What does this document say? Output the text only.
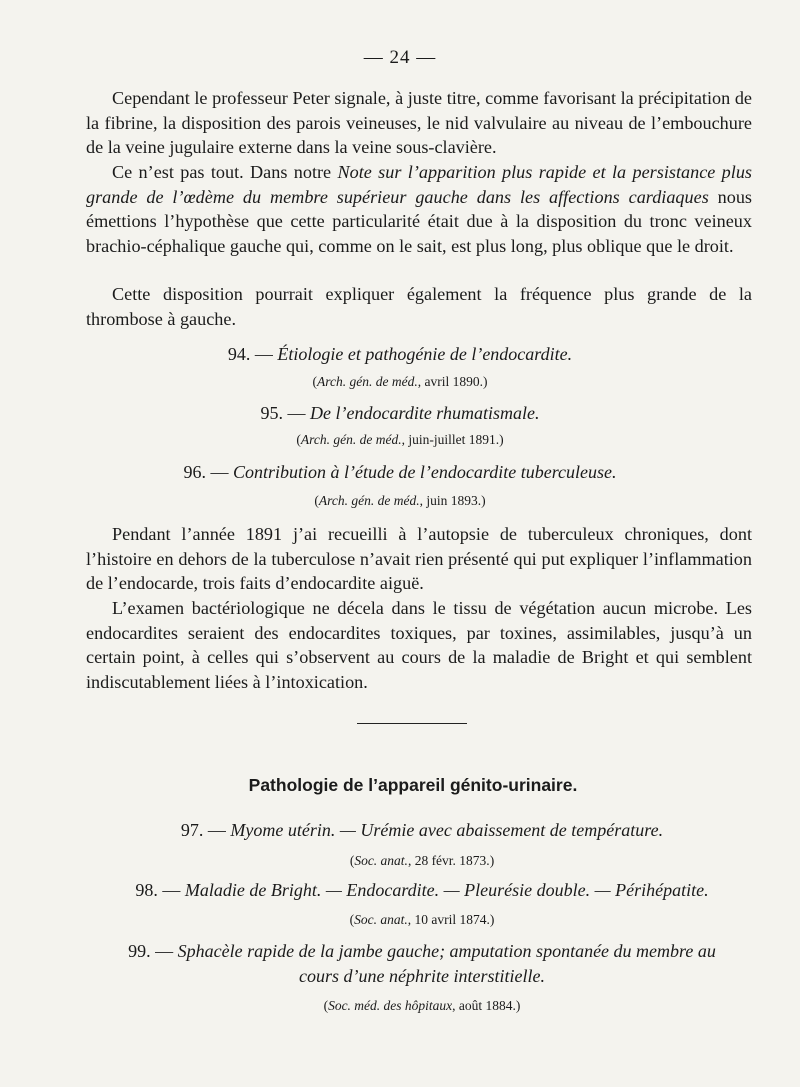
— 24 —

Cependant le professeur Peter signale, à juste titre, comme favorisant la précipitation de la fibrine, la disposition des parois veineuses, le nid valvulaire au niveau de l’embouchure de la veine jugulaire externe dans la veine sous-clavière.

Ce n’est pas tout. Dans notre Note sur l’apparition plus rapide et la persistance plus grande de l’œdème du membre supérieur gauche dans les affections cardiaques nous émettions l’hypothèse que cette particularité était due à la disposition du tronc veineux brachio-céphalique gauche qui, comme on le sait, est plus long, plus oblique que le droit.

Cette disposition pourrait expliquer également la fréquence plus grande de la thrombose à gauche.

94. — Étiologie et pathogénie de l’endocardite.

(Arch. gén. de méd., avril 1890.)

95. — De l’endocardite rhumatismale.

(Arch. gén. de méd., juin-juillet 1891.)

96. — Contribution à l’étude de l’endocardite tuberculeuse.

(Arch. gén. de méd., juin 1893.)

Pendant l’année 1891 j’ai recueilli à l’autopsie de tuberculeux chroniques, dont l’histoire en dehors de la tuberculose n’avait rien présenté qui put expliquer l’inflammation de l’endocarde, trois faits d’endocardite aiguë.

L’examen bactériologique ne décela dans le tissu de végétation aucun microbe. Les endocardites seraient des endocardites toxiques, par toxines, assimilables, jusqu’à un certain point, à celles qui s’observent au cours de la maladie de Bright et qui semblent indiscutablement liées à l’intoxication.

Pathologie de l’appareil génito-urinaire.

97. — Myome utérin. — Urémie avec abaissement de température.

(Soc. anat., 28 févr. 1873.)

98. — Maladie de Bright. — Endocardite. — Pleurésie double. — Périhépatite.

(Soc. anat., 10 avril 1874.)

99. — Sphacèle rapide de la jambe gauche; amputation spontanée du membre au

cours d’une néphrite interstitielle.

(Soc. méd. des hôpitaux, août 1884.)
